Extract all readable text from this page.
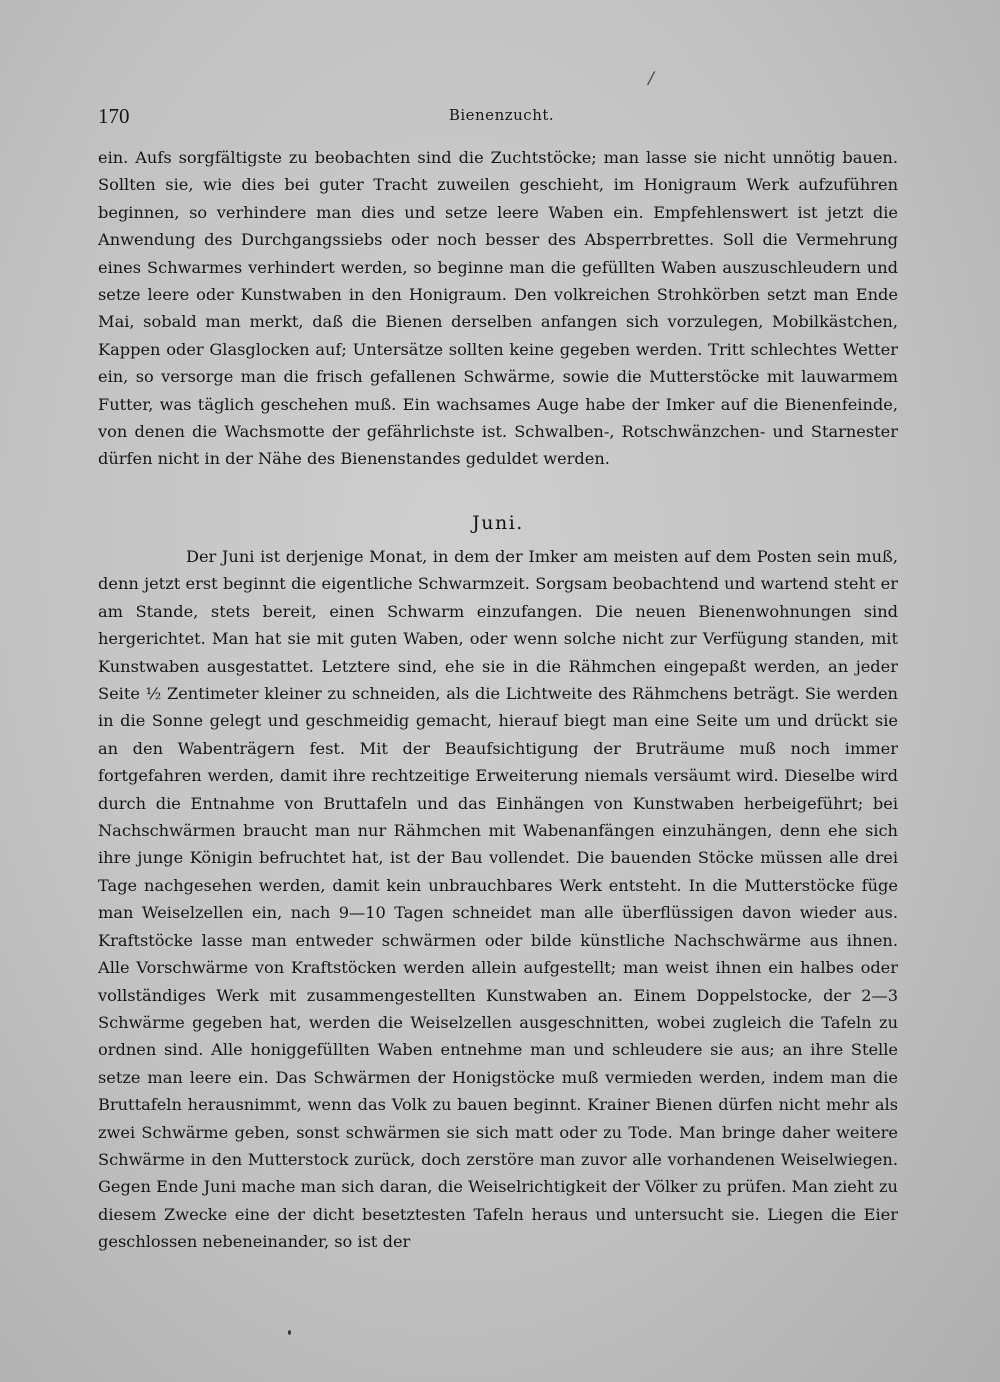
/
170	Bienenzucht.

ein. Aufs sorgfältigste zu beobachten sind die Zuchtstöcke; man lasse sie nicht unnötig bauen. Sollten sie, wie dies bei guter Tracht zuweilen geschieht, im Honigraum Werk aufzuführen beginnen, so verhindere man dies und setze leere Waben ein. Empfehlenswert ist jetzt die Anwendung des Durchgangssiebs oder noch besser des Absperrbrettes. Soll die Vermehrung eines Schwarmes verhindert werden, so beginne man die gefüllten Waben auszuschleudern und setze leere oder Kunstwaben in den Honigraum. Den volkreichen Strohkörben setzt man Ende Mai, sobald man merkt, daß die Bienen derselben anfangen sich vorzulegen, Mobilkästchen, Kappen oder Glasglocken auf; Untersätze sollten keine gegeben werden. Tritt schlechtes Wetter ein, so versorge man die frisch gefallenen Schwärme, sowie die Mutterstöcke mit lauwarmem Futter, was täglich geschehen muß. Ein wachsames Auge habe der Imker auf die Bienenfeinde, von denen die Wachsmotte der gefährlichste ist. Schwalben-, Rotschwänzchen- und Starnester dürfen nicht in der Nähe des Bienenstandes geduldet werden.

Juni.

Der Juni ist derjenige Monat, in dem der Imker am meisten auf dem Posten sein muß, denn jetzt erst beginnt die eigentliche Schwarmzeit. Sorgsam beobachtend und wartend steht er am Stande, stets bereit, einen Schwarm einzufangen. Die neuen Bienenwohnungen sind hergerichtet. Man hat sie mit guten Waben, oder wenn solche nicht zur Verfügung standen, mit Kunstwaben ausgestattet. Letztere sind, ehe sie in die Rähmchen eingepaßt werden, an jeder Seite ½ Zentimeter kleiner zu schneiden, als die Lichtweite des Rähmchens beträgt. Sie werden in die Sonne gelegt und geschmeidig gemacht, hierauf biegt man eine Seite um und drückt sie an den Wabenträgern fest. Mit der Beaufsichtigung der Bruträume muß noch immer fortgefahren werden, damit ihre rechtzeitige Erweiterung niemals versäumt wird. Dieselbe wird durch die Entnahme von Bruttafeln und das Einhängen von Kunstwaben herbeigeführt; bei Nachschwärmen braucht man nur Rähmchen mit Wabenanfängen einzuhängen, denn ehe sich ihre junge Königin befruchtet hat, ist der Bau vollendet. Die bauenden Stöcke müssen alle drei Tage nachgesehen werden, damit kein unbrauchbares Werk entsteht. In die Mutterstöcke füge man Weiselzellen ein, nach 9—10 Tagen schneidet man alle überflüssigen davon wieder aus. Kraftstöcke lasse man entweder schwärmen oder bilde künstliche Nachschwärme aus ihnen. Alle Vorschwärme von Kraftstöcken werden allein aufgestellt; man weist ihnen ein halbes oder vollständiges Werk mit zusammengestellten Kunstwaben an. Einem Doppelstocke, der 2—3 Schwärme gegeben hat, werden die Weiselzellen ausgeschnitten, wobei zugleich die Tafeln zu ordnen sind. Alle honiggefüllten Waben entnehme man und schleudere sie aus; an ihre Stelle setze man leere ein. Das Schwärmen der Honigstöcke muß vermieden werden, indem man die Bruttafeln herausnimmt, wenn das Volk zu bauen beginnt. Krainer Bienen dürfen nicht mehr als zwei Schwärme geben, sonst schwärmen sie sich matt oder zu Tode. Man bringe daher weitere Schwärme in den Mutterstock zurück, doch zerstöre man zuvor alle vorhandenen Weiselwiegen. Gegen Ende Juni mache man sich daran, die Weiselrichtigkeit der Völker zu prüfen. Man zieht zu diesem Zwecke eine der dicht besetztesten Tafeln heraus und untersucht sie. Liegen die Eier geschlossen nebeneinander, so ist der
